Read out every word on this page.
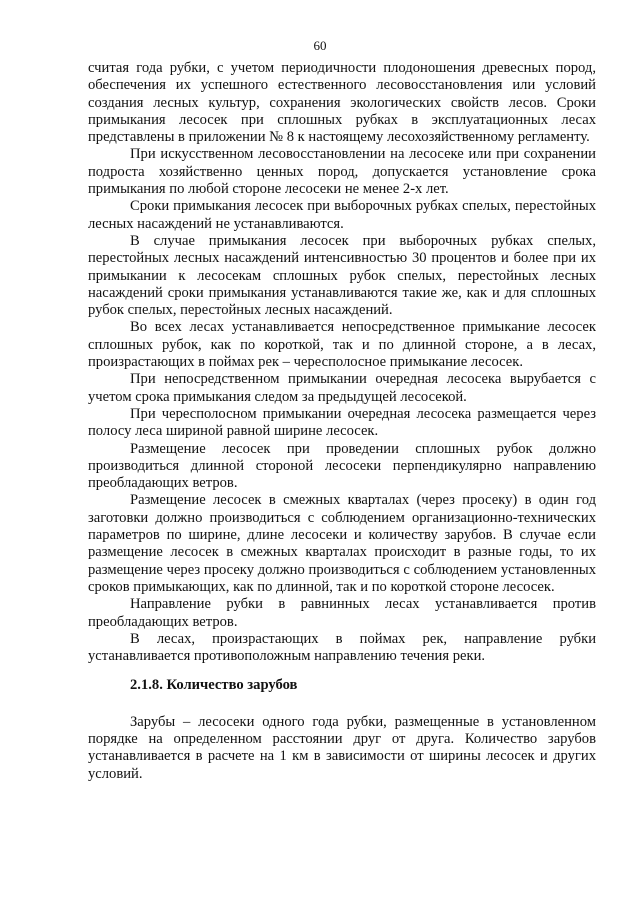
60

считая года рубки, с учетом периодичности плодоношения древесных пород, обеспечения их успешного естественного лесовосстановления или условий создания лесных культур, сохранения экологических свойств лесов. Сроки примыкания лесосек при сплошных рубках в эксплуатационных лесах представлены в приложении № 8 к настоящему лесохозяйственному регламенту.

При искусственном лесовосстановлении на лесосеке или при сохранении подроста хозяйственно ценных пород, допускается установление срока примыкания по любой стороне лесосеки не менее 2-х лет.

Сроки примыкания лесосек при выборочных рубках спелых, перестойных лесных насаждений не устанавливаются.

В случае примыкания лесосек при выборочных рубках спелых, перестойных лесных насаждений интенсивностью 30 процентов и более при их примыкании к лесосекам сплошных рубок спелых, перестойных лесных насаждений сроки примыкания устанавливаются такие же, как и для сплошных рубок спелых, перестойных лесных насаждений.

Во всех лесах устанавливается непосредственное примыкание лесосек сплошных рубок, как по короткой, так и по длинной стороне, а в лесах, произрастающих в поймах рек – чересполосное примыкание лесосек.

При непосредственном примыкании очередная лесосека вырубается с учетом срока примыкания следом за предыдущей лесосекой.

При чересполосном примыкании очередная лесосека размещается через полосу леса шириной равной ширине лесосек.

Размещение лесосек при проведении сплошных рубок должно производиться длинной стороной лесосеки перпендикулярно направлению преобладающих ветров.

Размещение лесосек в смежных кварталах (через просеку) в один год заготовки должно производиться с соблюдением организационно-технических параметров по ширине, длине лесосеки и количеству зарубов. В случае если размещение лесосек в смежных кварталах происходит в разные годы, то их размещение через просеку должно производиться с соблюдением установленных сроков примыкающих, как по длинной, так и по короткой стороне лесосек.

Направление рубки в равнинных лесах устанавливается против преобладающих ветров.

В лесах, произрастающих в поймах рек, направление рубки устанавливается противоположным направлению течения реки.

2.1.8. Количество зарубов

Зарубы – лесосеки одного года рубки, размещенные в установленном порядке на определенном расстоянии друг от друга. Количество зарубов устанавливается в расчете на 1 км в зависимости от ширины лесосек и других условий.
